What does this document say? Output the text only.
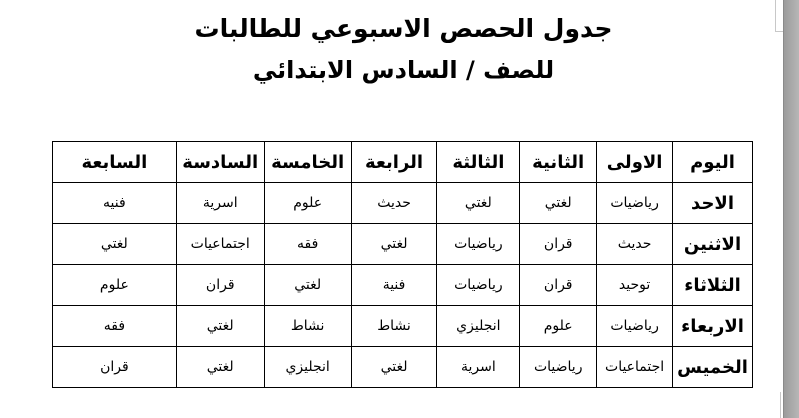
جدول الحصص الاسبوعي للطالبات
للصف / السادس الابتدائي
اليوم	الاولى	الثانية	الثالثة	الرابعة	الخامسة	السادسة	السابعة
الاحد	رياضيات	لغتي	لغتي	حديث	علوم	اسرية	فنيه
الاثنين	حديث	قران	رياضيات	لغتي	فقه	اجتماعيات	لغتي
الثلاثاء	توحيد	قران	رياضيات	فنية	لغتي	قران	علوم
الاربعاء	رياضيات	علوم	انجليزي	نشاط	نشاط	لغتي	فقه
الخميس	اجتماعيات	رياضيات	اسرية	لغتي	انجليزي	لغتي	قران
